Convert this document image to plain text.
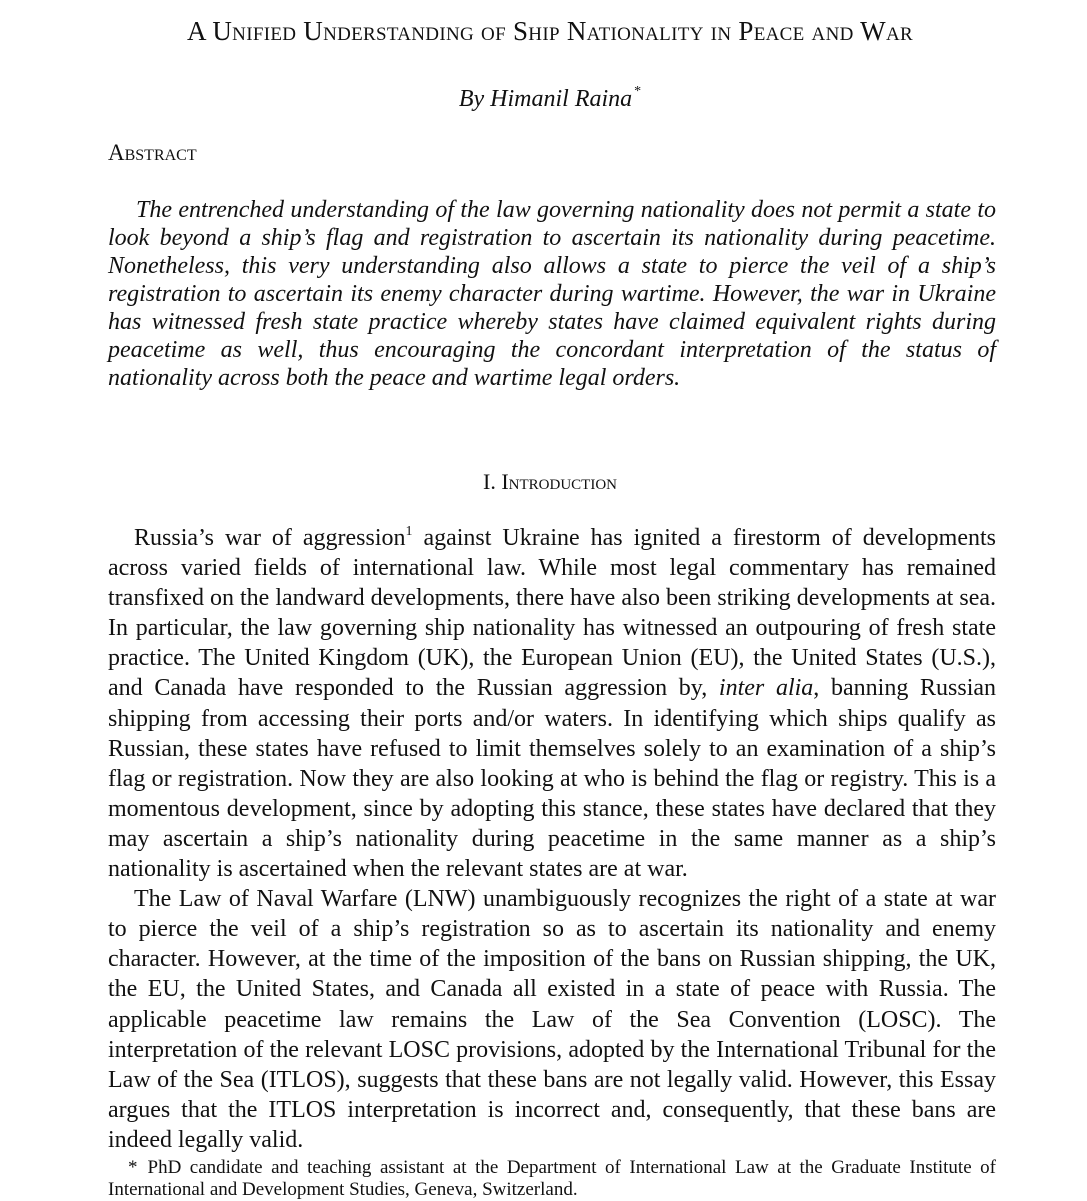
A Unified Understanding of Ship Nationality in Peace and War
By Himanil Raina *
Abstract
The entrenched understanding of the law governing nationality does not permit a state to look beyond a ship’s flag and registration to ascertain its nationality during peacetime. Nonetheless, this very understanding also allows a state to pierce the veil of a ship’s registration to ascertain its enemy character during wartime. However, the war in Ukraine has witnessed fresh state practice whereby states have claimed equivalent rights during peacetime as well, thus encouraging the concordant interpretation of the status of nationality across both the peace and wartime legal orders.
I. Introduction

Russia’s war of aggression$^1$ against Ukraine has ignited a firestorm of developments across varied fields of international law. While most legal commentary has remained transfixed on the landward developments, there have also been striking developments at sea. In particular, the law governing ship nationality has witnessed an outpouring of fresh state practice. The United Kingdom (UK), the European Union (EU), the United States (U.S.), and Canada have responded to the Russian aggression by, inter alia, banning Russian shipping from accessing their ports and/or waters. In identifying which ships qualify as Russian, these states have refused to limit themselves solely to an examination of a ship’s flag or registration. Now they are also looking at who is behind the flag or registry. This is a momentous development, since by adopting this stance, these states have declared that they may ascertain a ship’s nationality during peacetime in the same manner as a ship’s nationality is ascertained when the relevant states are at war.

The Law of Naval Warfare (LNW) unambiguously recognizes the right of a state at war to pierce the veil of a ship’s registration so as to ascertain its nationality and enemy character. However, at the time of the imposition of the bans on Russian shipping, the UK, the EU, the United States, and Canada all existed in a state of peace with Russia. The applicable peacetime law remains the Law of the Sea Convention (LOSC). The interpretation of the relevant LOSC provisions, adopted by the International Tribunal for the Law of the Sea (ITLOS), suggests that these bans are not legally valid. However, this Essay argues that the ITLOS interpretation is incorrect and, consequently, that these bans are indeed legally valid.

* PhD candidate and teaching assistant at the Department of International Law at the Graduate Institute of International and Development Studies, Geneva, Switzerland.
